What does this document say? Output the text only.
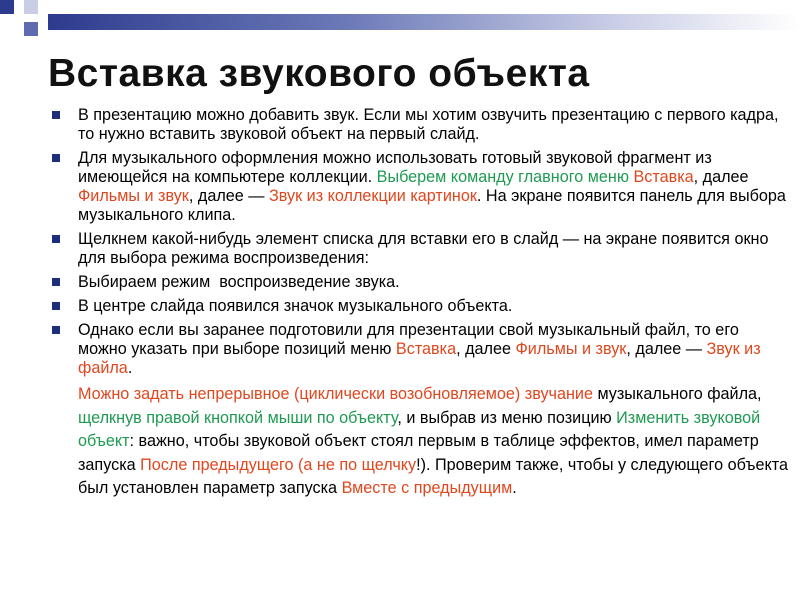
Вставка звукового объекта
В презентацию можно добавить звук. Если мы хотим озвучить презентацию с первого кадра, то нужно вставить звуковой объект на первый слайд.
Для музыкального оформления можно использовать готовый звуковой фрагмент из имеющейся на компьютере коллекции. Выберем команду главного меню Вставка, далее Фильмы и звук, далее — Звук из коллекции картинок. На экране появится панель для выбора музыкального клипа.
Щелкнем какой-нибудь элемент списка для вставки его в слайд — на экране появится окно для выбора режима воспроизведения:
Выбираем режим  воспроизведение звука.
В центре слайда появился значок музыкального объекта.
Однако если вы заранее подготовили для презентации свой музыкальный файл, то его можно указать при выборе позиций меню Вставка, далее Фильмы и звук, далее — Звук из файла.
Можно задать непрерывное (циклически возобновляемое) звучание музыкального файла, щелкнув правой кнопкой мыши по объекту, и выбрав из меню позицию Изменить звуковой объект: важно, чтобы звуковой объект стоял первым в таблице эффектов, имел параметр запуска После предыдущего (а не по щелчку!). Проверим также, чтобы у следующего объекта был установлен параметр запуска Вместе с предыдущим.
